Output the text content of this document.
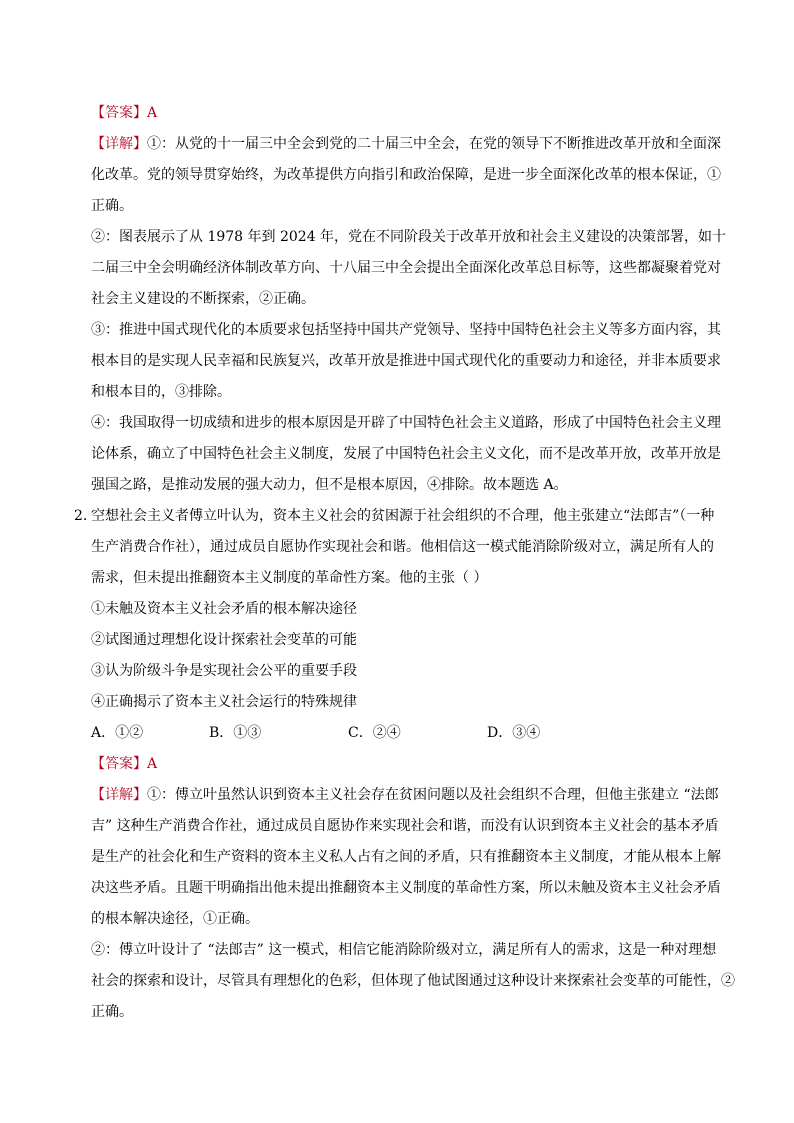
【答案】A
【详解】①：从党的十一届三中全会到党的二十届三中全会，在党的领导下不断推进改革开放和全面深
化改革。党的领导贯穿始终，为改革提供方向指引和政治保障，是进一步全面深化改革的根本保证，①
正确。
②：图表展示了从 1978 年到 2024 年，党在不同阶段关于改革开放和社会主义建设的决策部署，如十
二届三中全会明确经济体制改革方向、十八届三中全会提出全面深化改革总目标等，这些都凝聚着党对
社会主义建设的不断探索，②正确。
③：推进中国式现代化的本质要求包括坚持中国共产党领导、坚持中国特色社会主义等多方面内容，其
根本目的是实现人民幸福和民族复兴，改革开放是推进中国式现代化的重要动力和途径，并非本质要求
和根本目的，③排除。
④：我国取得一切成绩和进步的根本原因是开辟了中国特色社会主义道路，形成了中国特色社会主义理
论体系，确立了中国特色社会主义制度，发展了中国特色社会主义文化，而不是改革开放，改革开放是
强国之路，是推动发展的强大动力，但不是根本原因，④排除。故本题选 A。
2．
空想社会主义者傅立叶认为，资本主义社会的贫困源于社会组织的不合理，他主张建立“法郎吉”（一种
生产消费合作社），通过成员自愿协作实现社会和谐。他相信这一模式能消除阶级对立，满足所有人的
需求，但未提出推翻资本主义制度的革命性方案。他的主张（ ）
①未触及资本主义社会矛盾的根本解决途径
②试图通过理想化设计探索社会变革的可能
③认为阶级斗争是实现社会公平的重要手段
④正确揭示了资本主义社会运行的特殊规律
A．①②	B．①③	C．②④	D．③④
【答案】A
【详解】①：傅立叶虽然认识到资本主义社会存在贫困问题以及社会组织不合理，但他主张建立 “法郎
吉” 这种生产消费合作社，通过成员自愿协作来实现社会和谐，而没有认识到资本主义社会的基本矛盾
是生产的社会化和生产资料的资本主义私人占有之间的矛盾，只有推翻资本主义制度，才能从根本上解
决这些矛盾。且题干明确指出他未提出推翻资本主义制度的革命性方案，所以未触及资本主义社会矛盾
的根本解决途径，①正确。
②：傅立叶设计了 “法郎吉” 这一模式，相信它能消除阶级对立，满足所有人的需求，这是一种对理想
社会的探索和设计，尽管具有理想化的色彩，但体现了他试图通过这种设计来探索社会变革的可能性，②
正确。
